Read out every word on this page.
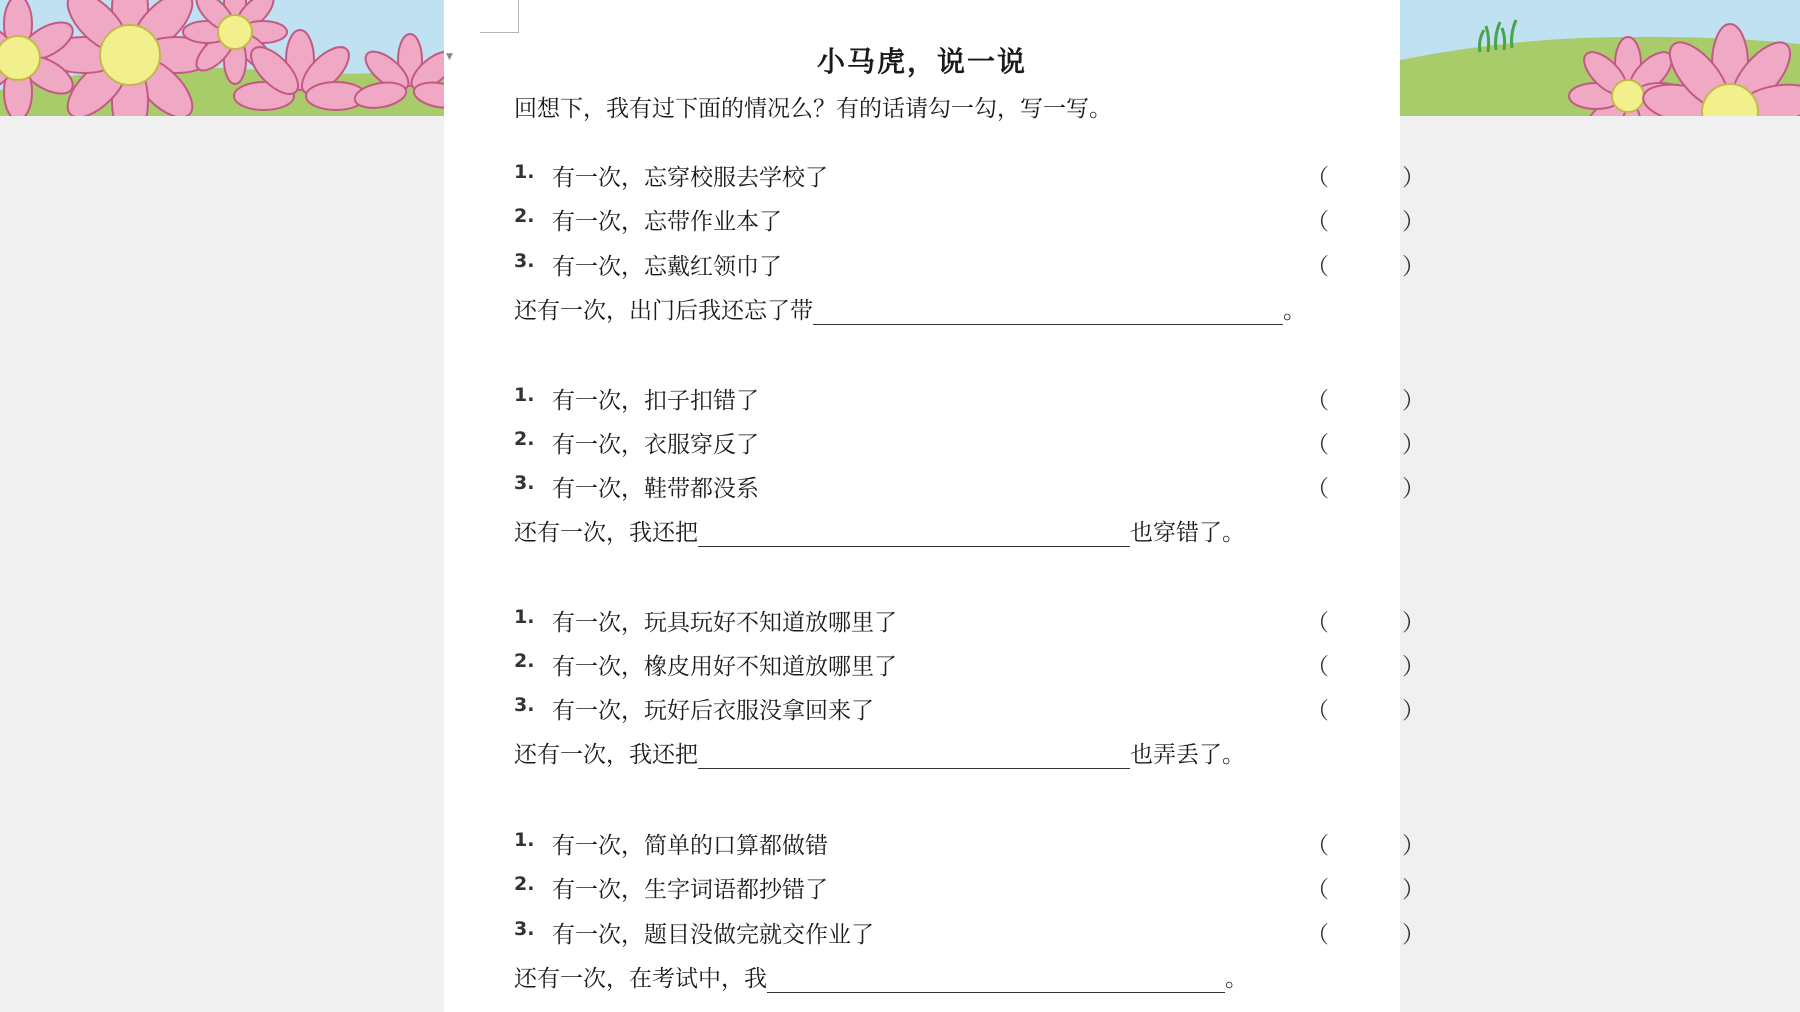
▼	小马虎，说一说
回想下，我有过下面的情况么？有的话请勾一勾，写一写。
1. 有一次，忘穿校服去学校了	（	）
2. 有一次，忘带作业本了	（	）
3. 有一次，忘戴红领巾了	（	）
还有一次，出门后我还忘了带	。
1. 有一次，扣子扣错了	（	）
2. 有一次，衣服穿反了	（	）
3. 有一次，鞋带都没系	（	）
还有一次，我还把	也穿错了。
1. 有一次，玩具玩好不知道放哪里了	（	）
2. 有一次，橡皮用好不知道放哪里了	（	）
3. 有一次，玩好后衣服没拿回来了	（	）
还有一次，我还把	也弄丢了。
1. 有一次，简单的口算都做错	（	）
2. 有一次，生字词语都抄错了	（	）
3. 有一次，题目没做完就交作业了	（	）
还有一次，在考试中，我	。
